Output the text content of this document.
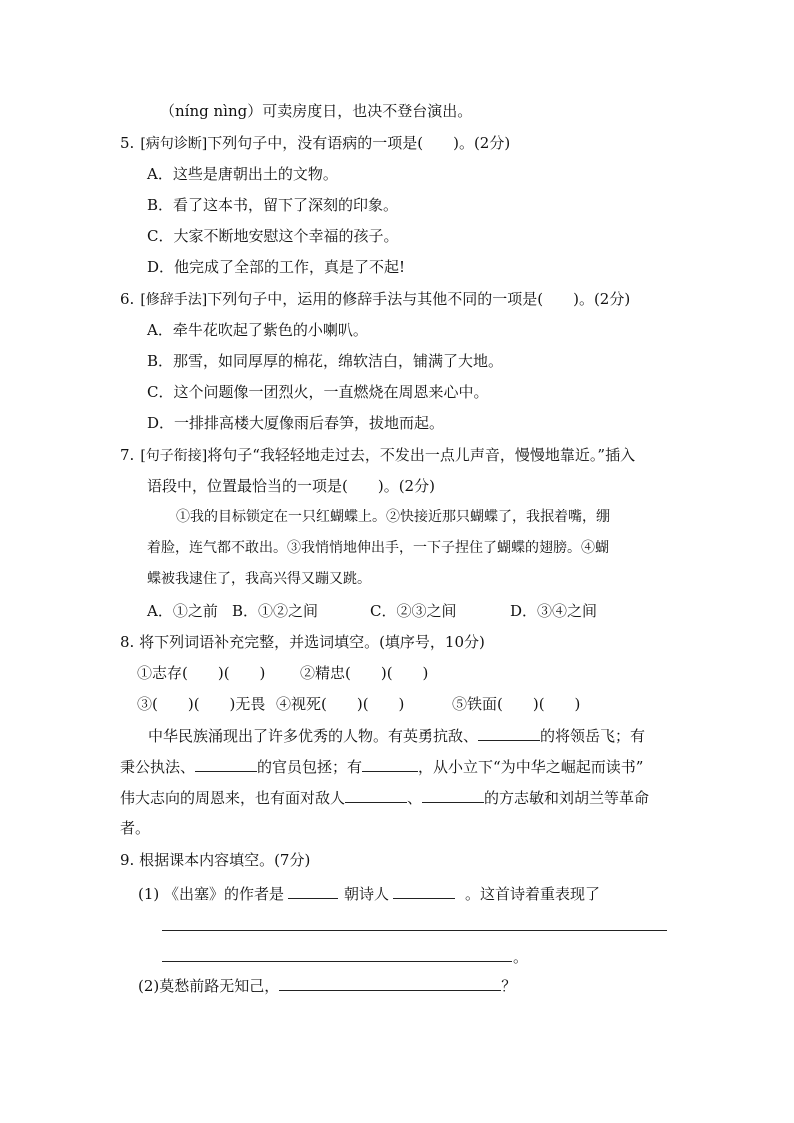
（níng nìng）可卖房度日，也决不登台演出。
5. [病句诊断]下列句子中，没有语病的一项是(　　)。(2分)
A．这些是唐朝出土的文物。
B．看了这本书，留下了深刻的印象。
C．大家不断地安慰这个幸福的孩子。
D．他完成了全部的工作，真是了不起!
6. [修辞手法]下列句子中，运用的修辞手法与其他不同的一项是(　　)。(2分)
A．牵牛花吹起了紫色的小喇叭。
B．那雪，如同厚厚的棉花，绵软洁白，铺满了大地。
C．这个问题像一团烈火，一直燃烧在周恩来心中。
D．一排排高楼大厦像雨后春笋，拔地而起。
7. [句子衔接]将句子“我轻轻地走过去，不发出一点儿声音，慢慢地靠近。”插入
语段中，位置最恰当的一项是(　　)。(2分)
①我的目标锁定在一只红蝴蝶上。②快接近那只蝴蝶了，我抿着嘴，绷
着脸，连气都不敢出。③我悄悄地伸出手，一下子捏住了蝴蝶的翅膀。④蝴
蝶被我逮住了，我高兴得又蹦又跳。
A．①之前 B．①②之间	C．②③之间	D．③④之间
8. 将下列词语补充完整，并选词填空。(填序号，10分)
①志存(　　)(　　) ②精忠(　　)(　　)
③(　　)(　　)无畏 ④视死(　　)(　　)	⑤铁面(　　)(　　)
中华民族涌现出了许多优秀的人物。有英勇抗敌、	的将领岳飞；有
秉公执法、	的官员包拯；有	，从小立下“为中华之崛起而读书”
伟大志向的周恩来，也有面对敌人	、	的方志敏和刘胡兰等革命
者。
9. 根据课本内容填空。(7分)
(1) 《出塞》的作者是	朝诗人	。这首诗着重表现了
。
(2)莫愁前路无知己，	？
